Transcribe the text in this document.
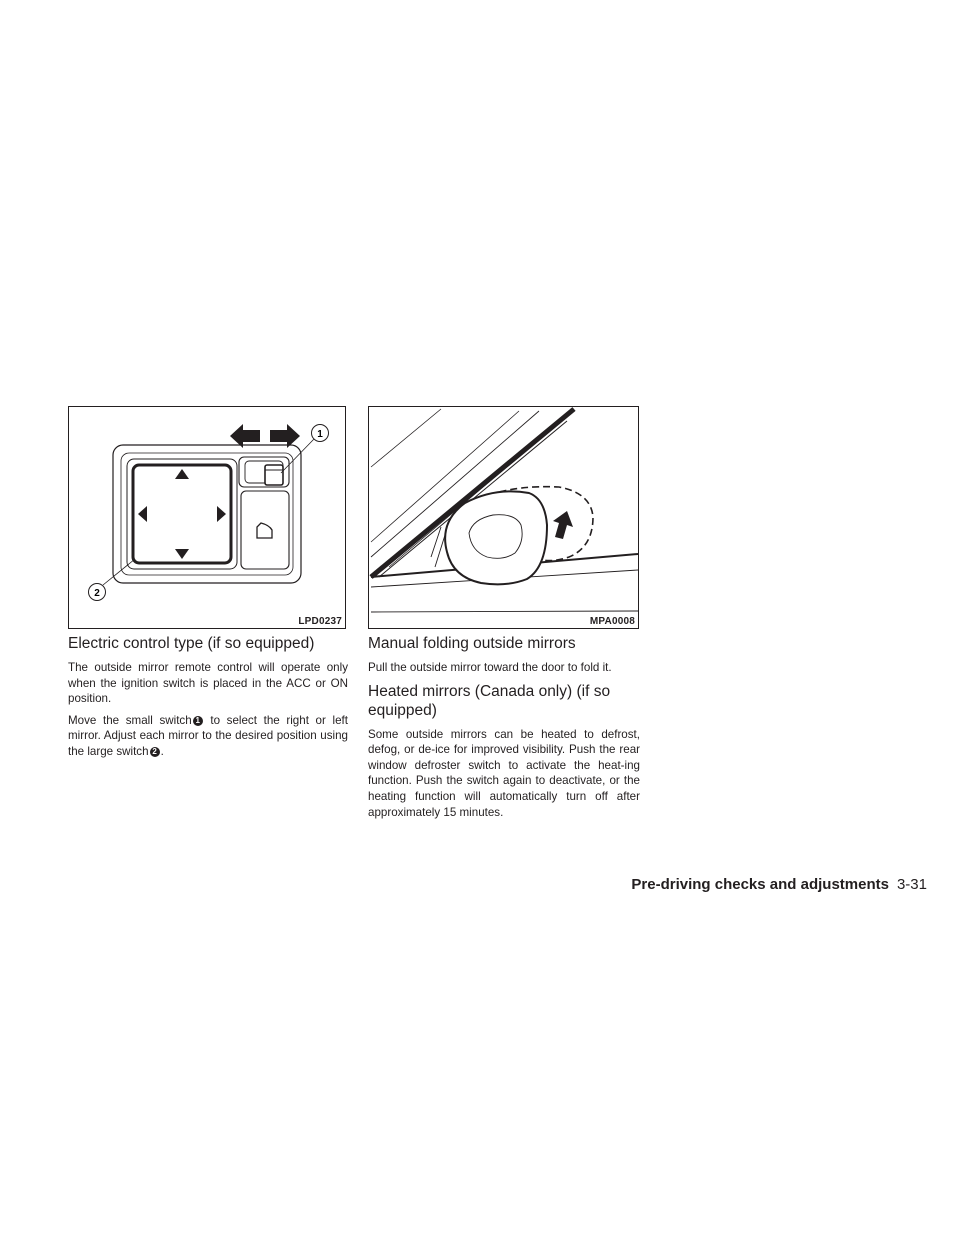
1
2
LPD0237	MPA0008
Electric control type (if so equipped)

The outside mirror remote control will operate only when the ignition switch is placed in the ACC or ON position.

Move the small switch 1 to select the right or left mirror. Adjust each mirror to the desired position using the large switch 2 .

Manual folding outside mirrors

Pull the outside mirror toward the door to fold it.

Heated mirrors (Canada only) (if so equipped)

Some outside mirrors can be heated to defrost, defog, or de-ice for improved visibility. Push the rear window defroster switch to activate the heat-ing function. Push the switch again to deactivate, or the heating function will automatically turn off after approximately 15 minutes.

Pre-driving checks and adjustments 3-31
